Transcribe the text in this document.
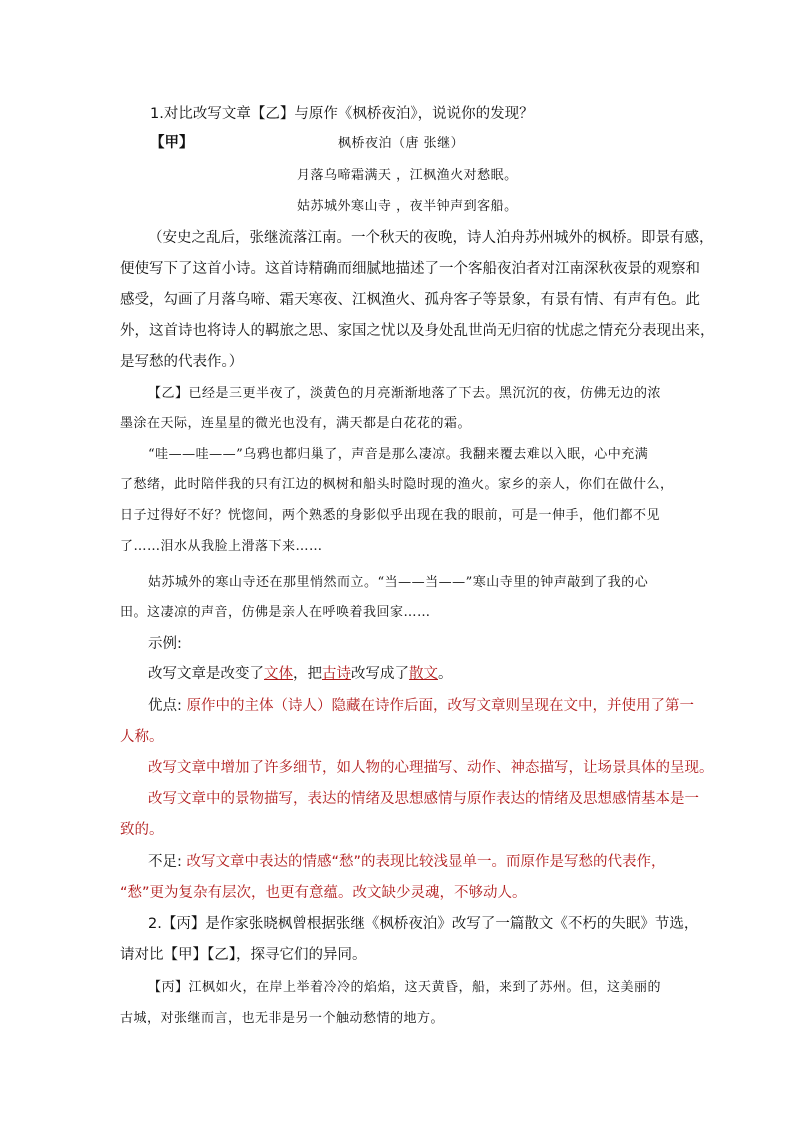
1.对比改写文章【乙】与原作《枫桥夜泊》，说说你的发现？
【甲】	枫桥夜泊（唐 张继）
月落乌啼霜满天 ，江枫渔火对愁眠。
姑苏城外寒山寺 ，夜半钟声到客船。
（安史之乱后，张继流落江南。一个秋天的夜晚，诗人泊舟苏州城外的枫桥。即景有感，
便使写下了这首小诗。这首诗精确而细腻地描述了一个客船夜泊者对江南深秋夜景的观察和
感受，勾画了月落乌啼、霜天寒夜、江枫渔火、孤舟客子等景象，有景有情、有声有色。此
外，这首诗也将诗人的羁旅之思、家国之忧以及身处乱世尚无归宿的忧虑之情充分表现出来，
是写愁的代表作。）
【乙】已经是三更半夜了，淡黄色的月亮渐渐地落了下去。黑沉沉的夜，仿佛无边的浓
墨涂在天际，连星星的微光也没有，满天都是白花花的霜。
“哇——哇——”乌鸦也都归巢了，声音是那么凄凉。我翻来覆去难以入眠，心中充满
了愁绪，此时陪伴我的只有江边的枫树和船头时隐时现的渔火。家乡的亲人，你们在做什么，
日子过得好不好？恍惚间，两个熟悉的身影似乎出现在我的眼前，可是一伸手，他们都不见
了……泪水从我脸上滑落下来……
姑苏城外的寒山寺还在那里悄然而立。“当——当——”寒山寺里的钟声敲到了我的心
田。这凄凉的声音，仿佛是亲人在呼唤着我回家……
示例:
改写文章是改变了文体，把古诗改写成了散文。
优点: 原作中的主体（诗人）隐藏在诗作后面，改写文章则呈现在文中，并使用了第一
人称。
改写文章中增加了许多细节，如人物的心理描写、动作、神态描写，让场景具体的呈现。
改写文章中的景物描写，表达的情绪及思想感情与原作表达的情绪及思想感情基本是一
致的。
不足: 改写文章中表达的情感“愁”的表现比较浅显单一。而原作是写愁的代表作，
“愁”更为复杂有层次，也更有意蕴。改文缺少灵魂，不够动人。
2.【丙】是作家张晓枫曾根据张继《枫桥夜泊》改写了一篇散文《不朽的失眠》节选，
请对比【甲】【乙】，探寻它们的异同。
【丙】江枫如火，在岸上举着冷冷的焰焰，这天黄昏，船，来到了苏州。但，这美丽的
古城，对张继而言，也无非是另一个触动愁情的地方。
